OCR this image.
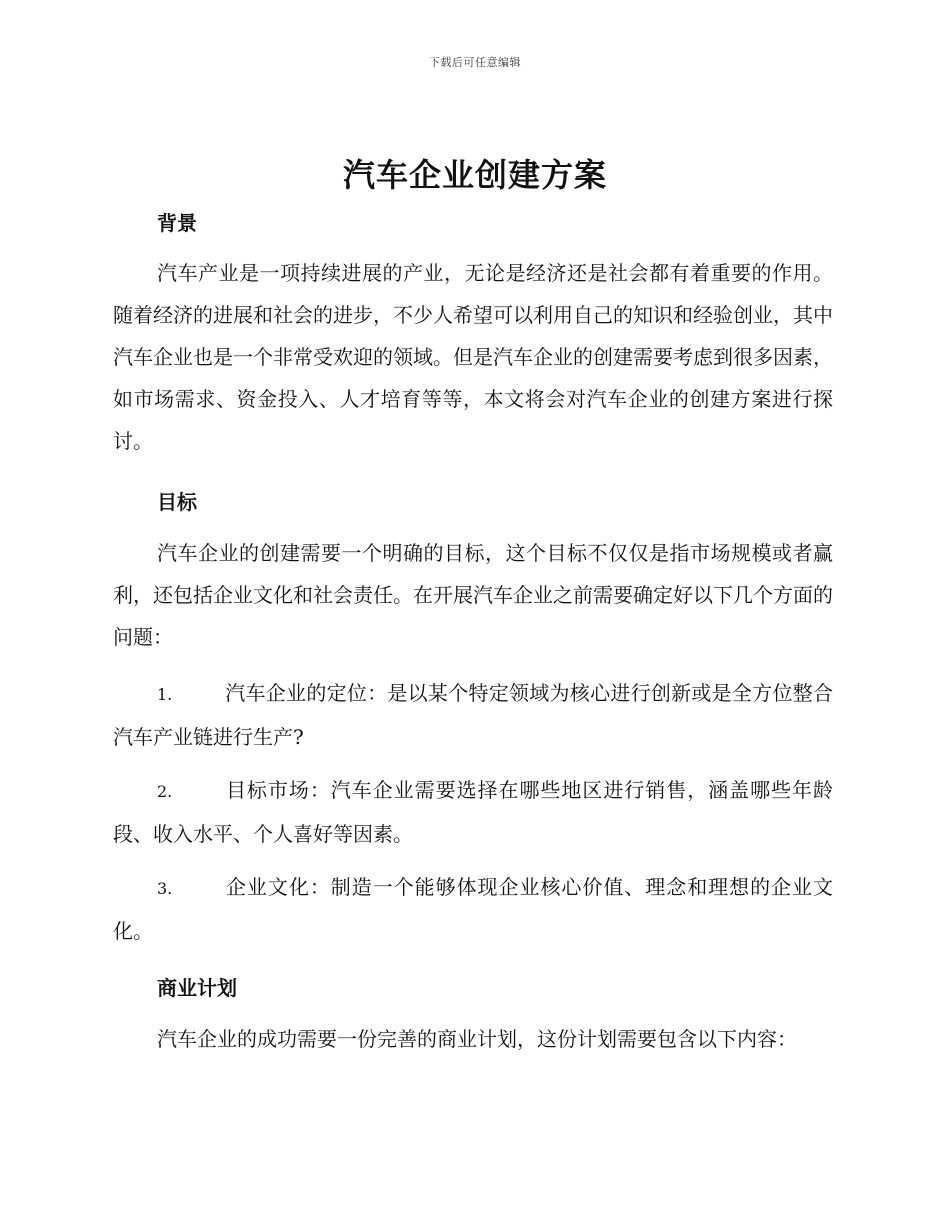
下载后可任意编辑
汽车企业创建方案
背景
汽车产业是一项持续进展的产业，无论是经济还是社会都有着重要的作用。随着经济的进展和社会的进步，不少人希望可以利用自己的知识和经验创业，其中汽车企业也是一个非常受欢迎的领域。但是汽车企业的创建需要考虑到很多因素，如市场需求、资金投入、人才培育等等，本文将会对汽车企业的创建方案进行探讨。
目标
汽车企业的创建需要一个明确的目标，这个目标不仅仅是指市场规模或者赢利，还包括企业文化和社会责任。在开展汽车企业之前需要确定好以下几个方面的问题：
1.	汽车企业的定位：是以某个特定领域为核心进行创新或是全方位整合汽车产业链进行生产?
2.	目标市场：汽车企业需要选择在哪些地区进行销售，涵盖哪些年龄段、收入水平、个人喜好等因素。
3.	企业文化：制造一个能够体现企业核心价值、理念和理想的企业文化。
商业计划
汽车企业的成功需要一份完善的商业计划，这份计划需要包含以下内容：
